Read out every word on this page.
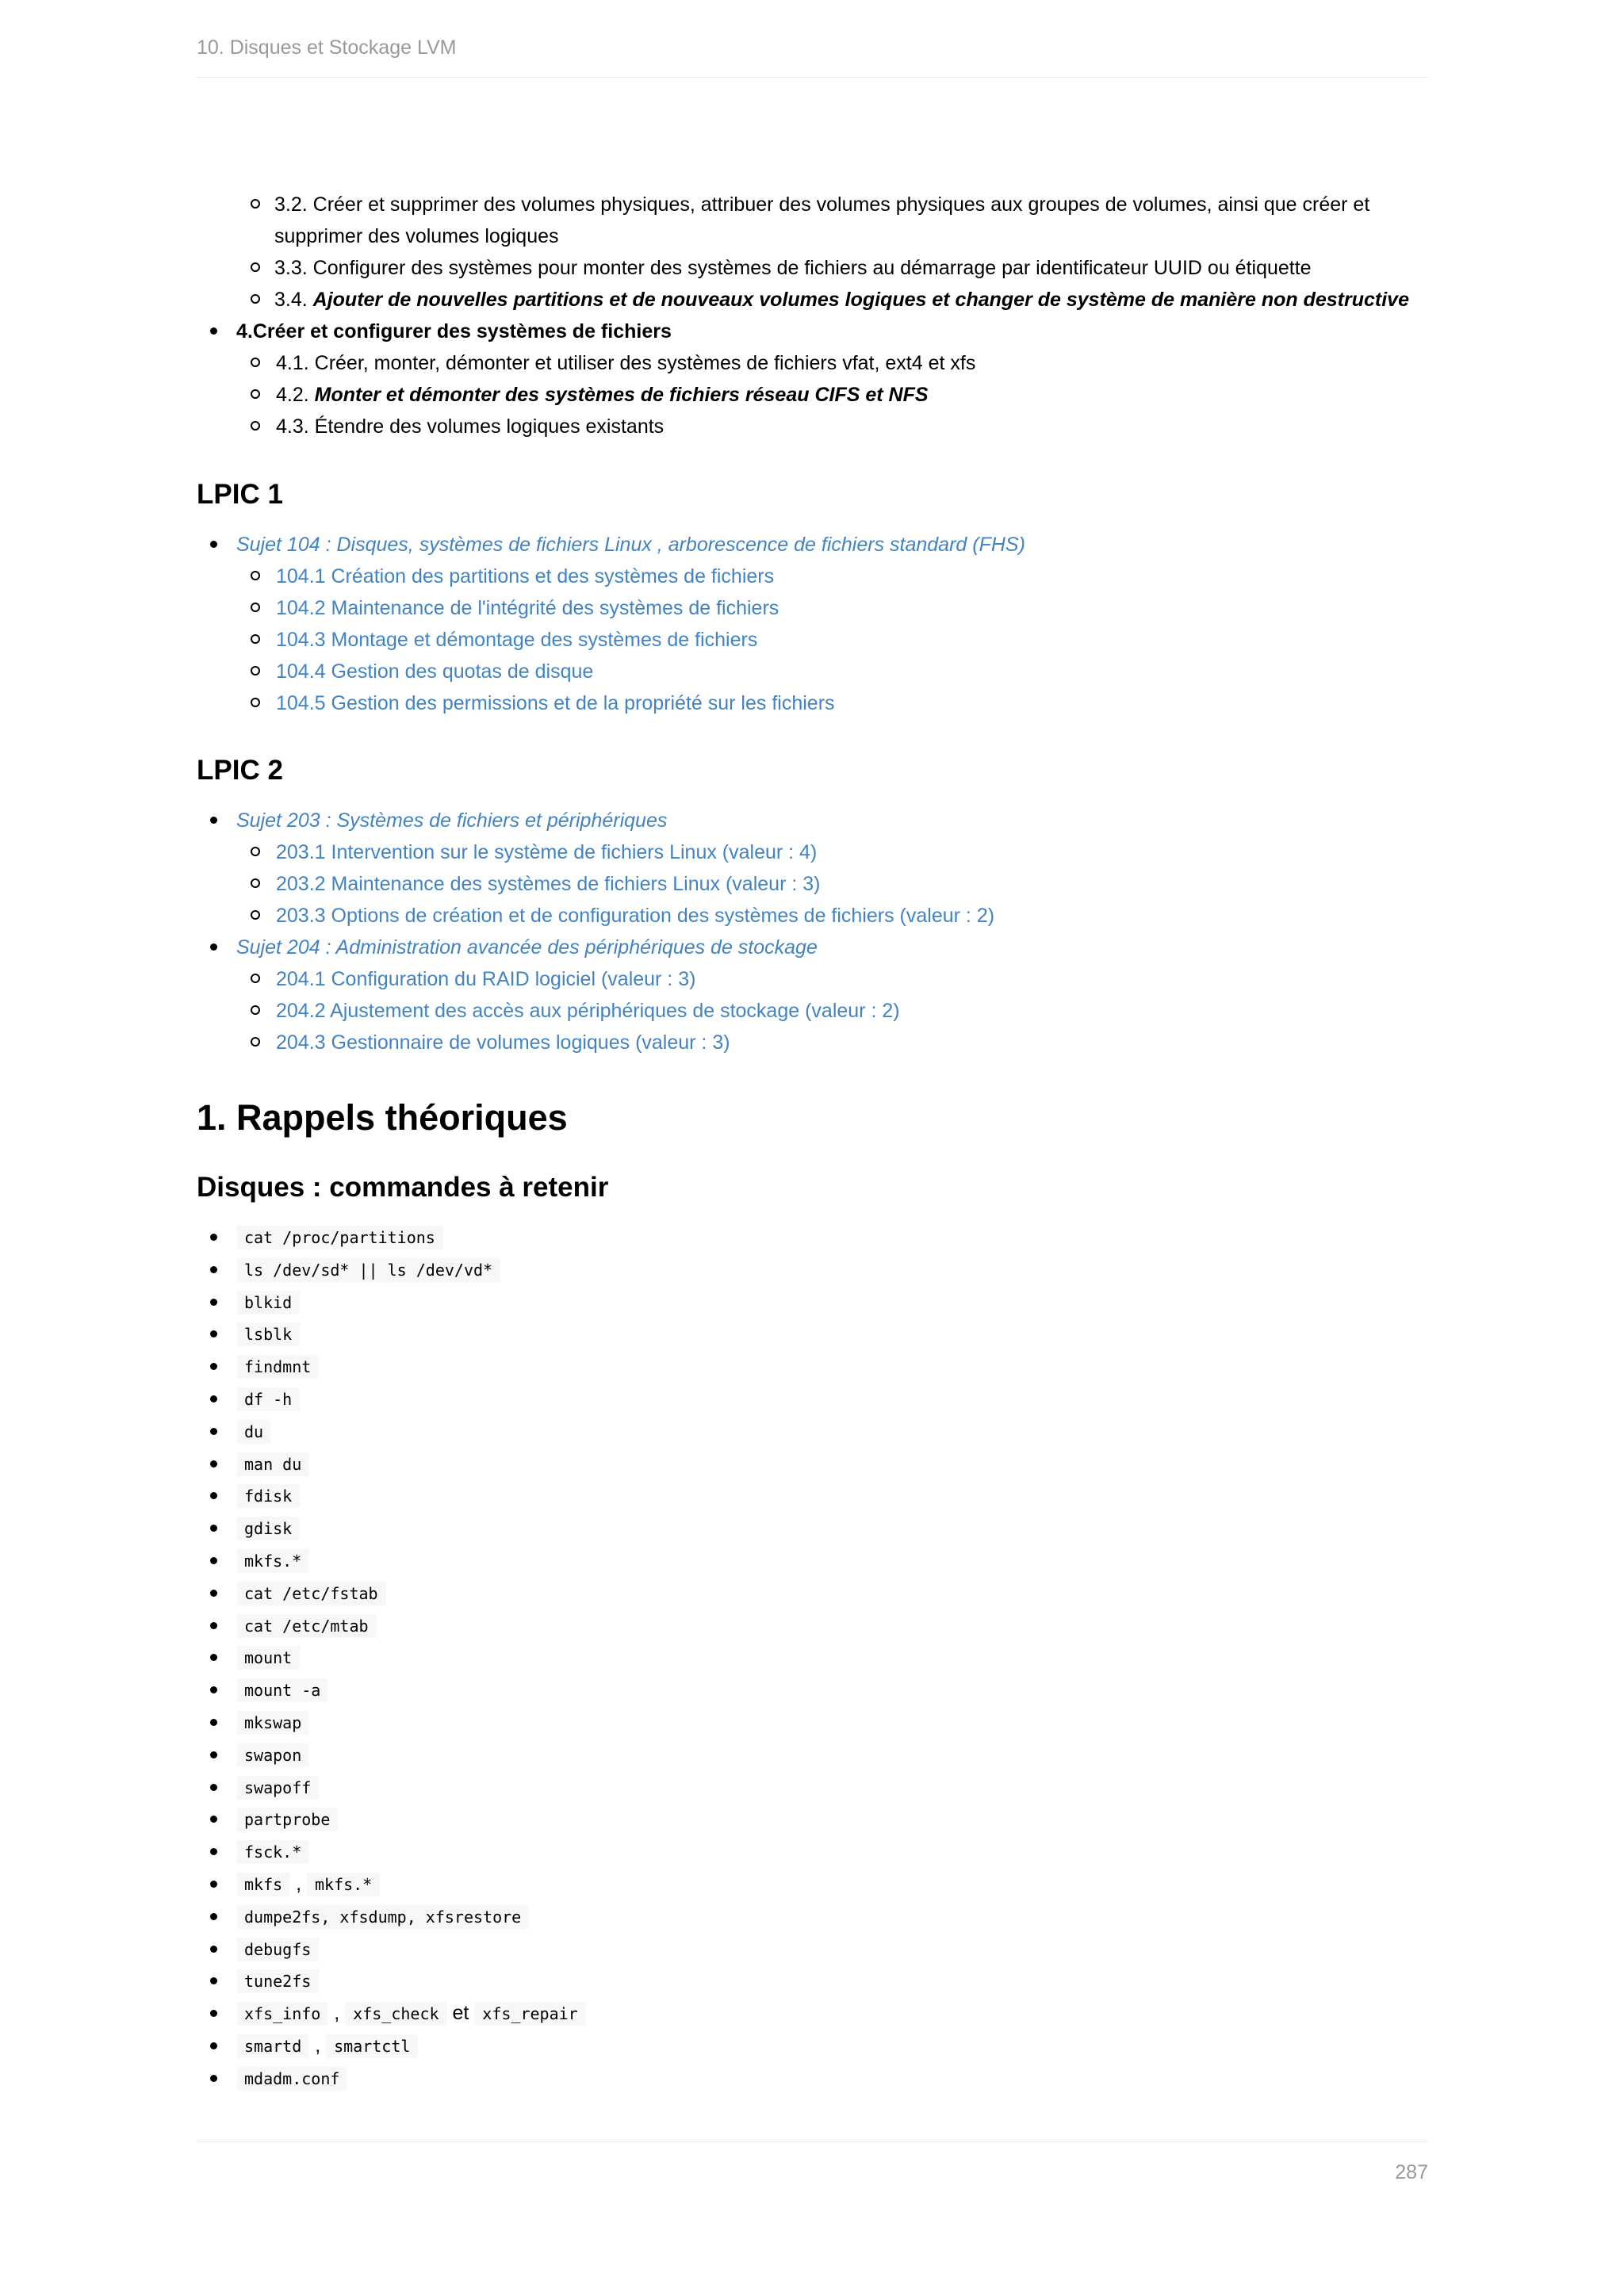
10. Disques et Stockage LVM
3.2. Créer et supprimer des volumes physiques, attribuer des volumes physiques aux groupes de volumes, ainsi que créer et supprimer des volumes logiques
3.3. Configurer des systèmes pour monter des systèmes de fichiers au démarrage par identificateur UUID ou étiquette
3.4. Ajouter de nouvelles partitions et de nouveaux volumes logiques et changer de système de manière non destructive
4.Créer et configurer des systèmes de fichiers
4.1. Créer, monter, démonter et utiliser des systèmes de fichiers vfat, ext4 et xfs
4.2. Monter et démonter des systèmes de fichiers réseau CIFS et NFS
4.3. Étendre des volumes logiques existants
LPIC 1
Sujet 104 : Disques, systèmes de fichiers Linux , arborescence de fichiers standard (FHS)
104.1 Création des partitions et des systèmes de fichiers
104.2 Maintenance de l'intégrité des systèmes de fichiers
104.3 Montage et démontage des systèmes de fichiers
104.4 Gestion des quotas de disque
104.5 Gestion des permissions et de la propriété sur les fichiers
LPIC 2
Sujet 203 : Systèmes de fichiers et périphériques
203.1 Intervention sur le système de fichiers Linux (valeur : 4)
203.2 Maintenance des systèmes de fichiers Linux (valeur : 3)
203.3 Options de création et de configuration des systèmes de fichiers (valeur : 2)
Sujet 204 : Administration avancée des périphériques de stockage
204.1 Configuration du RAID logiciel (valeur : 3)
204.2 Ajustement des accès aux périphériques de stockage (valeur : 2)
204.3 Gestionnaire de volumes logiques (valeur : 3)
1. Rappels théoriques
Disques : commandes à retenir
cat /proc/partitions
ls /dev/sd* || ls /dev/vd*
blkid
lsblk
findmnt
df -h
du
man du
fdisk
gdisk
mkfs.*
cat /etc/fstab
cat /etc/mtab
mount
mount -a
mkswap
swapon
swapoff
partprobe
fsck.*
mkfs , mkfs.*
dumpe2fs, xfsdump, xfsrestore
debugfs
tune2fs
xfs_info , xfs_check et xfs_repair
smartd , smartctl
mdadm.conf
287
